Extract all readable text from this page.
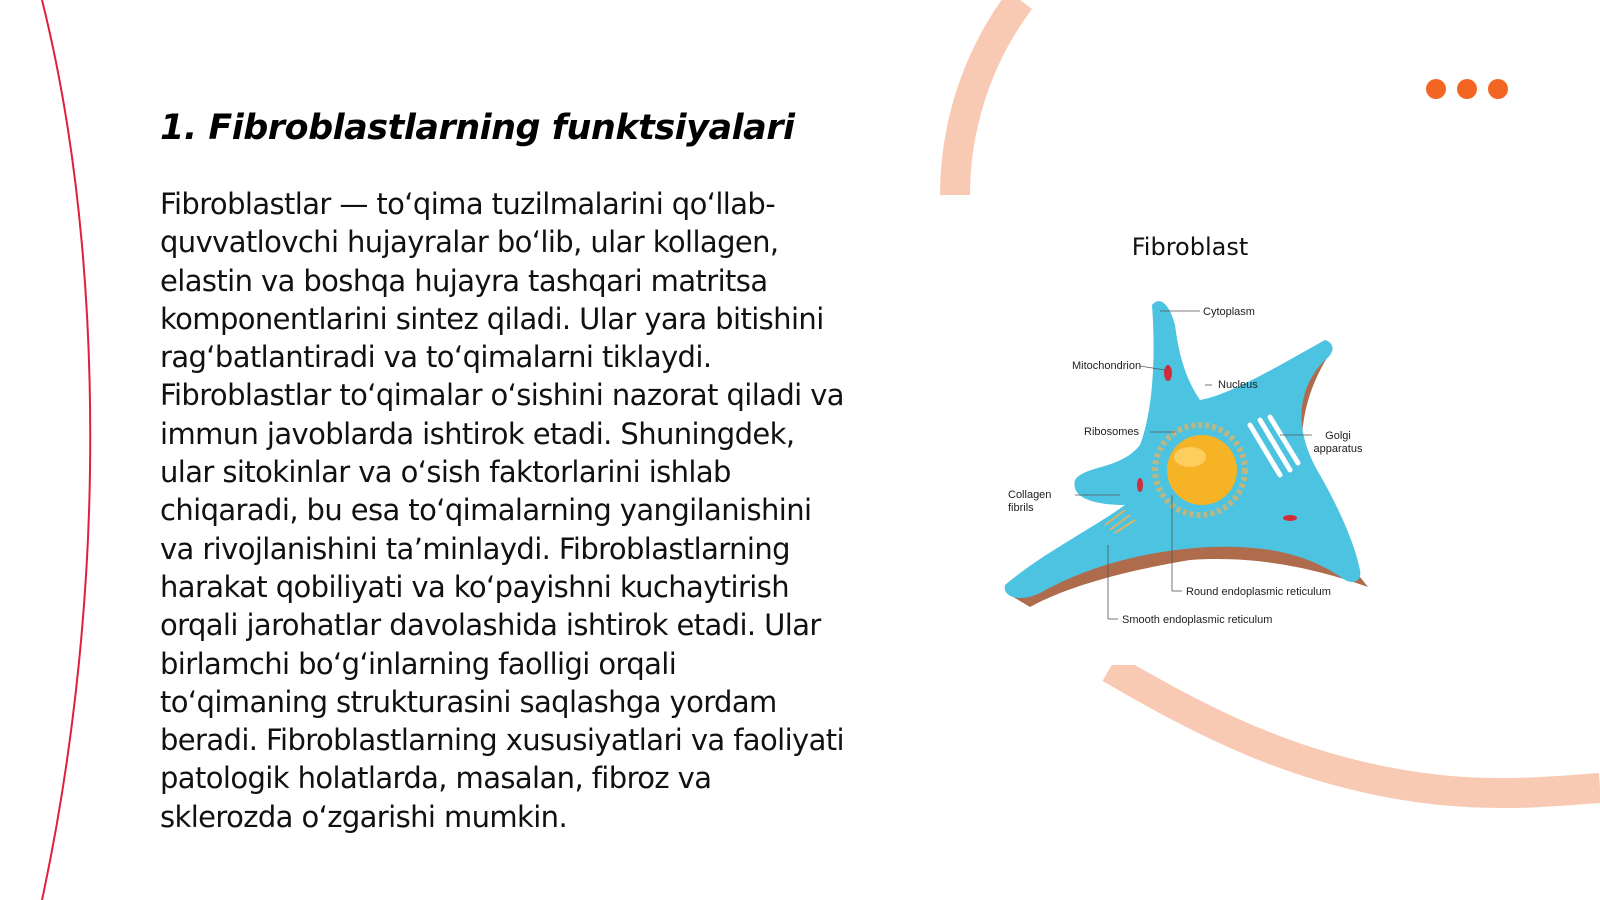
1. Fibroblastlarning funktsiyalari

Fibroblastlar — to‘qima tuzilmalarini qo‘llab-quvvatlovchi hujayralar bo‘lib, ular kollagen, elastin va boshqa hujayra tashqari matritsa komponentlarini sintez qiladi. Ular yara bitishini rag‘batlantiradi va to‘qimalarni tiklaydi. Fibroblastlar to‘qimalar o‘sishini nazorat qiladi va immun javoblarda ishtirok etadi. Shuningdek, ular sitokinlar va o‘sish faktorlarini ishlab chiqaradi, bu esa to‘qimalarning yangilanishini va rivojlanishini ta’minlaydi. Fibroblastlarning harakat qobiliyati va ko‘payishni kuchaytirish orqali jarohatlar davolashida ishtirok etadi. Ular birlamchi bo‘g‘inlarning faolligi orqali to‘qimaning strukturasini saqlashga yordam beradi. Fibroblastlarning xususiyatlari va faoliyati patologik holatlarda, masalan, fibroz va sklerozda o‘zgarishi mumkin.

Fibroblast
Cytoplasm
Mitochondrion
Nucleus
Ribosomes	Golgi
apparatus
Collagen
fibrils
Round endoplasmic reticulum
Smooth endoplasmic reticulum
